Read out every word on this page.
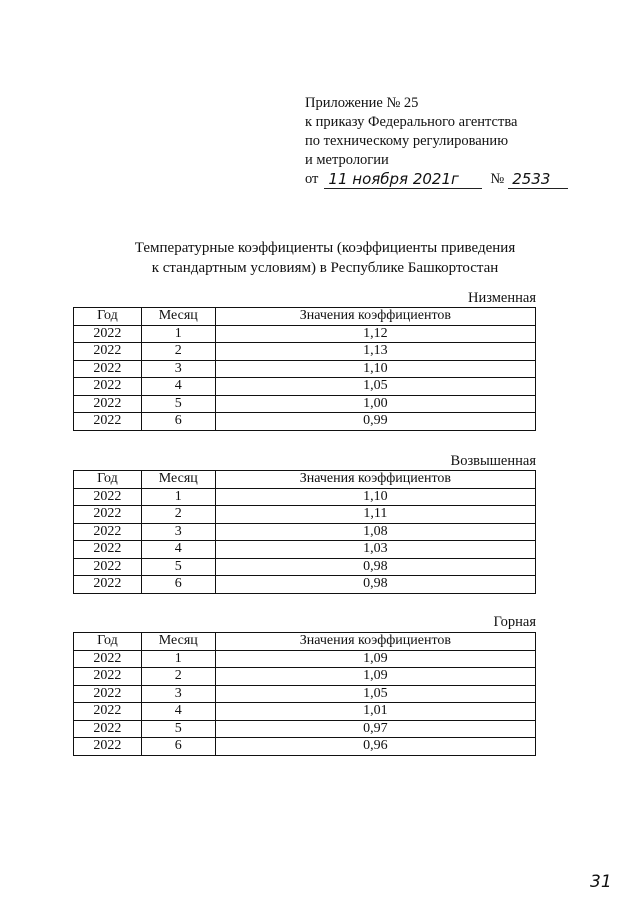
Приложение № 25
к приказу Федерального агентства
по техническому регулированию
и метрологии
от 11 ноября 2021г	№ 2533
Температурные коэффициенты (коэффициенты приведения
к стандартным условиям) в Республике Башкортостан
Низменная
Год	Месяц	Значения коэффициентов
2022	1	1,12
2022	2	1,13
2022	3	1,10
2022	4	1,05
2022	5	1,00
2022	6	0,99
Возвышенная
Год	Месяц	Значения коэффициентов
2022	1	1,10
2022	2	1,11
2022	3	1,08
2022	4	1,03
2022	5	0,98
2022	6	0,98
Горная
Год	Месяц	Значения коэффициентов
2022	1	1,09
2022	2	1,09
2022	3	1,05
2022	4	1,01
2022	5	0,97
2022	6	0,96
31
